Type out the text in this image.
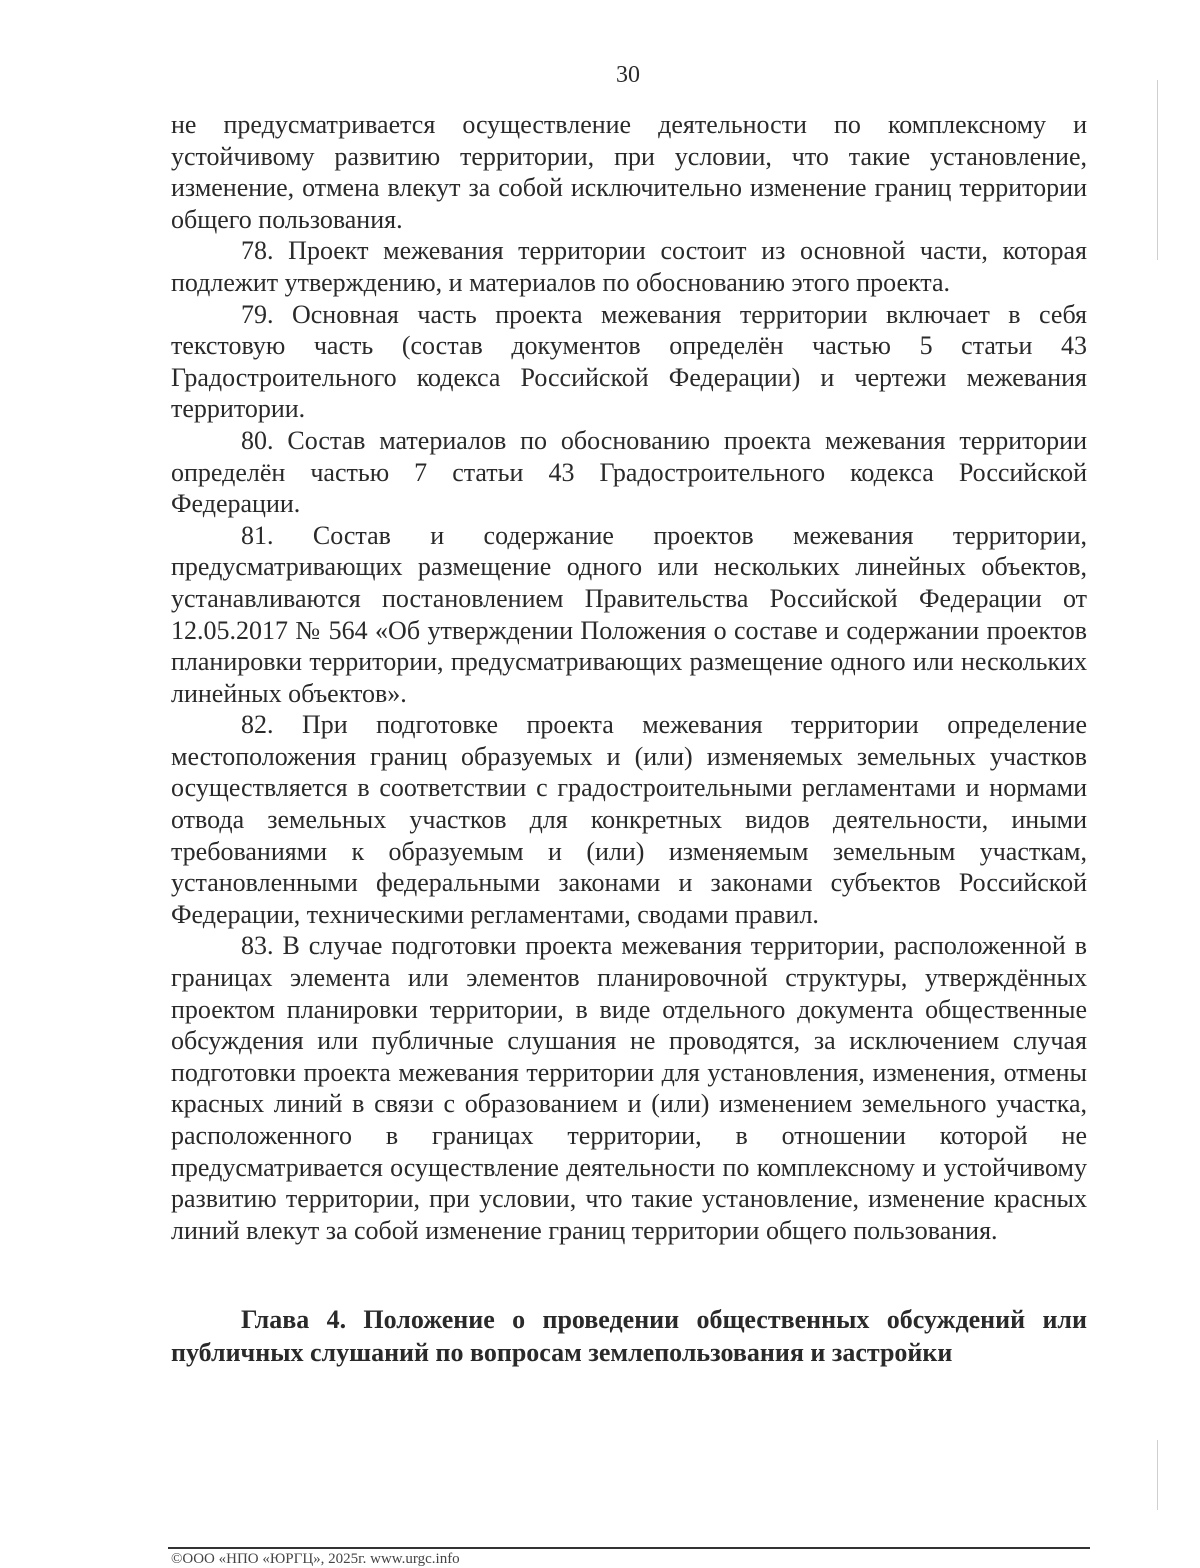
30

не предусматривается осуществление деятельности по комплексному и устойчивому развитию территории, при условии, что такие установление, изменение, отмена влекут за собой исключительно изменение границ территории общего пользования.

78. Проект межевания территории состоит из основной части, которая подлежит утверждению, и материалов по обоснованию этого проекта.

79. Основная часть проекта межевания территории включает в себя текстовую часть (состав документов определён частью 5 статьи 43 Градостроительного кодекса Российской Федерации) и чертежи межевания территории.

80. Состав материалов по обоснованию проекта межевания территории определён частью 7 статьи 43 Градостроительного кодекса Российской Федерации.

81. Состав и содержание проектов межевания территории, предусматривающих размещение одного или нескольких линейных объектов, устанавливаются постановлением Правительства Российской Федерации от 12.05.2017 № 564 «Об утверждении Положения о составе и содержании проектов планировки территории, предусматривающих размещение одного или нескольких линейных объектов».

82. При подготовке проекта межевания территории определение местоположения границ образуемых и (или) изменяемых земельных участков осуществляется в соответствии с градостроительными регламентами и нормами отвода земельных участков для конкретных видов деятельности, иными требованиями к образуемым и (или) изменяемым земельным участкам, установленными федеральными законами и законами субъектов Российской Федерации, техническими регламентами, сводами правил.

83. В случае подготовки проекта межевания территории, расположенной в границах элемента или элементов планировочной структуры, утверждённых проектом планировки территории, в виде отдельного документа общественные обсуждения или публичные слушания не проводятся, за исключением случая подготовки проекта межевания территории для установления, изменения, отмены красных линий в связи с образованием и (или) изменением земельного участка, расположенного в границах территории, в отношении которой не предусматривается осуществление деятельности по комплексному и устойчивому развитию территории, при условии, что такие установление, изменение красных линий влекут за собой изменение границ территории общего пользования.

Глава 4. Положение о проведении общественных обсуждений или публичных слушаний по вопросам землепользования и застройки
©ООО «НПО «ЮРГЦ», 2025г. www.urgc.info
